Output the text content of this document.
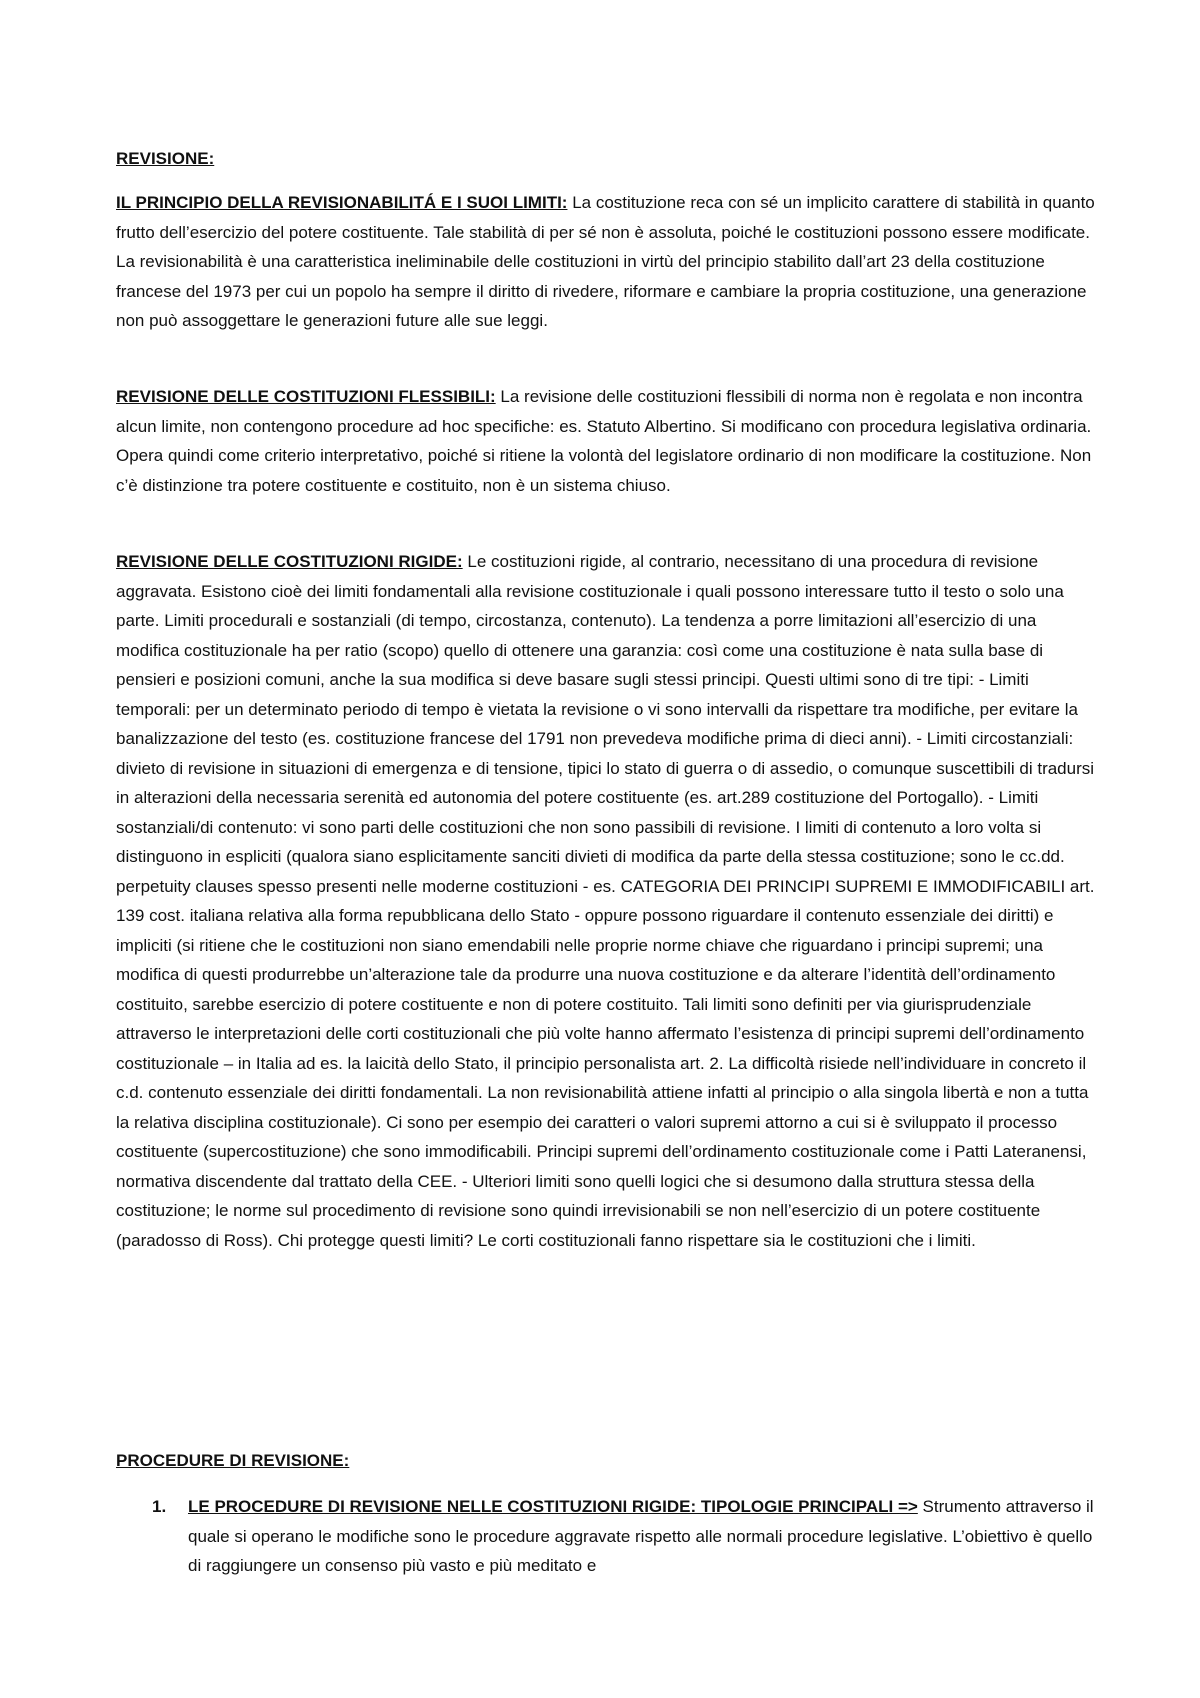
REVISIONE:

IL PRINCIPIO DELLA REVISIONABILITÁ E I SUOI LIMITI: La costituzione reca con sé un implicito carattere di stabilità in quanto frutto dell’esercizio del potere costituente. Tale stabilità di per sé non è assoluta, poiché le costituzioni possono essere modificate. La revisionabilità è una caratteristica ineliminabile delle costituzioni in virtù del principio stabilito dall’art 23 della costituzione francese del 1973 per cui un popolo ha sempre il diritto di rivedere, riformare e cambiare la propria costituzione, una generazione non può assoggettare le generazioni future alle sue leggi.

REVISIONE DELLE COSTITUZIONI FLESSIBILI: La revisione delle costituzioni flessibili di norma non è regolata e non incontra alcun limite, non contengono procedure ad hoc specifiche: es. Statuto Albertino. Si modificano con procedura legislativa ordinaria. Opera quindi come criterio interpretativo, poiché si ritiene la volontà del legislatore ordinario di non modificare la costituzione. Non c’è distinzione tra potere costituente e costituito, non è un sistema chiuso.

REVISIONE DELLE COSTITUZIONI RIGIDE: Le costituzioni rigide, al contrario, necessitano di una procedura di revisione aggravata. Esistono cioè dei limiti fondamentali alla revisione costituzionale i quali possono interessare tutto il testo o solo una parte. Limiti procedurali e sostanziali (di tempo, circostanza, contenuto). La tendenza a porre limitazioni all’esercizio di una modifica costituzionale ha per ratio (scopo) quello di ottenere una garanzia: così come una costituzione è nata sulla base di pensieri e posizioni comuni, anche la sua modifica si deve basare sugli stessi principi. Questi ultimi sono di tre tipi: - Limiti temporali: per un determinato periodo di tempo è vietata la revisione o vi sono intervalli da rispettare tra modifiche, per evitare la banalizzazione del testo (es. costituzione francese del 1791 non prevedeva modifiche prima di dieci anni). - Limiti circostanziali: divieto di revisione in situazioni di emergenza e di tensione, tipici lo stato di guerra o di assedio, o comunque suscettibili di tradursi in alterazioni della necessaria serenità ed autonomia del potere costituente (es. art.289 costituzione del Portogallo). - Limiti sostanziali/di contenuto: vi sono parti delle costituzioni che non sono passibili di revisione. I limiti di contenuto a loro volta si distinguono in espliciti (qualora siano esplicitamente sanciti divieti di modifica da parte della stessa costituzione; sono le cc.dd. perpetuity clauses spesso presenti nelle moderne costituzioni - es. CATEGORIA DEI PRINCIPI SUPREMI E IMMODIFICABILI art. 139 cost. italiana relativa alla forma repubblicana dello Stato - oppure possono riguardare il contenuto essenziale dei diritti) e impliciti (si ritiene che le costituzioni non siano emendabili nelle proprie norme chiave che riguardano i principi supremi; una modifica di questi produrrebbe un’alterazione tale da produrre una nuova costituzione e da alterare l’identità dell’ordinamento costituito, sarebbe esercizio di potere costituente e non di potere costituito. Tali limiti sono definiti per via giurisprudenziale attraverso le interpretazioni delle corti costituzionali che più volte hanno affermato l’esistenza di principi supremi dell’ordinamento costituzionale – in Italia ad es. la laicità dello Stato, il principio personalista art. 2. La difficoltà risiede nell’individuare in concreto il c.d. contenuto essenziale dei diritti fondamentali. La non revisionabilità attiene infatti al principio o alla singola libertà e non a tutta la relativa disciplina costituzionale). Ci sono per esempio dei caratteri o valori supremi attorno a cui si è sviluppato il processo costituente (supercostituzione) che sono immodificabili. Principi supremi dell’ordinamento costituzionale come i Patti Lateranensi, normativa discendente dal trattato della CEE. - Ulteriori limiti sono quelli logici che si desumono dalla struttura stessa della costituzione; le norme sul procedimento di revisione sono quindi irrevisionabili se non nell’esercizio di un potere costituente (paradosso di Ross). Chi protegge questi limiti? Le corti costituzionali fanno rispettare sia le costituzioni che i limiti.

PROCEDURE DI REVISIONE:

1. LE PROCEDURE DI REVISIONE NELLE COSTITUZIONI RIGIDE: TIPOLOGIE PRINCIPALI => Strumento attraverso il quale si operano le modifiche sono le procedure aggravate rispetto alle normali procedure legislative. L’obiettivo è quello di raggiungere un consenso più vasto e più meditato e
